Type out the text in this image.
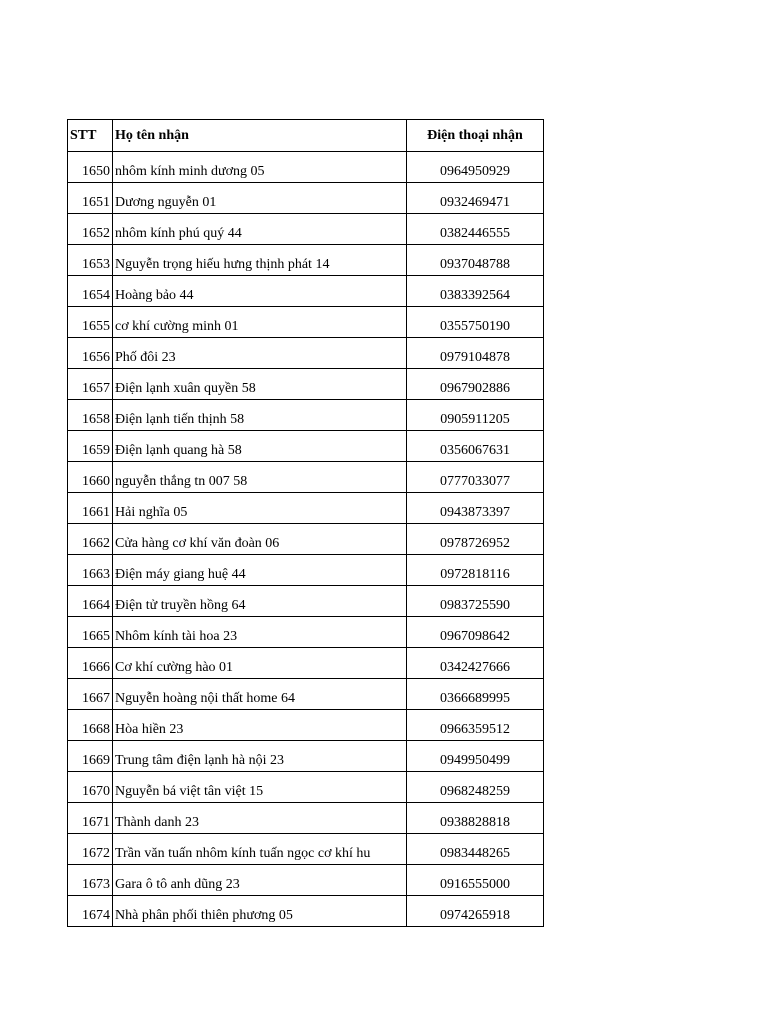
STT	Họ tên nhận	Điện thoại nhận
1650	nhôm kính minh dương 05	0964950929
1651	Dương nguyễn 01	0932469471
1652	nhôm kính phú quý 44	0382446555
1653	Nguyễn trọng hiếu hưng thịnh phát 14	0937048788
1654	Hoàng bảo 44	0383392564
1655	cơ khí cường minh 01	0355750190
1656	Phố đôi 23	0979104878
1657	Điện lạnh xuân quyền 58	0967902886
1658	Điện lạnh tiến thịnh 58	0905911205
1659	Điện lạnh quang hà 58	0356067631
1660	nguyễn thắng tn 007 58	0777033077
1661	Hải nghĩa 05	0943873397
1662	Cửa hàng cơ khí văn đoàn 06	0978726952
1663	Điện máy giang huệ 44	0972818116
1664	Điện tử truyền hồng 64	0983725590
1665	Nhôm kính tài hoa 23	0967098642
1666	Cơ khí cường hào 01	0342427666
1667	Nguyễn hoàng nội thất home 64	0366689995
1668	Hòa hiền 23	0966359512
1669	Trung tâm điện lạnh hà nội 23	0949950499
1670	Nguyễn bá việt tân việt 15	0968248259
1671	Thành danh 23	0938828818
1672	Trần văn tuấn nhôm kính tuấn ngọc cơ khí hu	0983448265
1673	Gara ô tô anh dũng 23	0916555000
1674	Nhà phân phối thiên phương 05	0974265918
